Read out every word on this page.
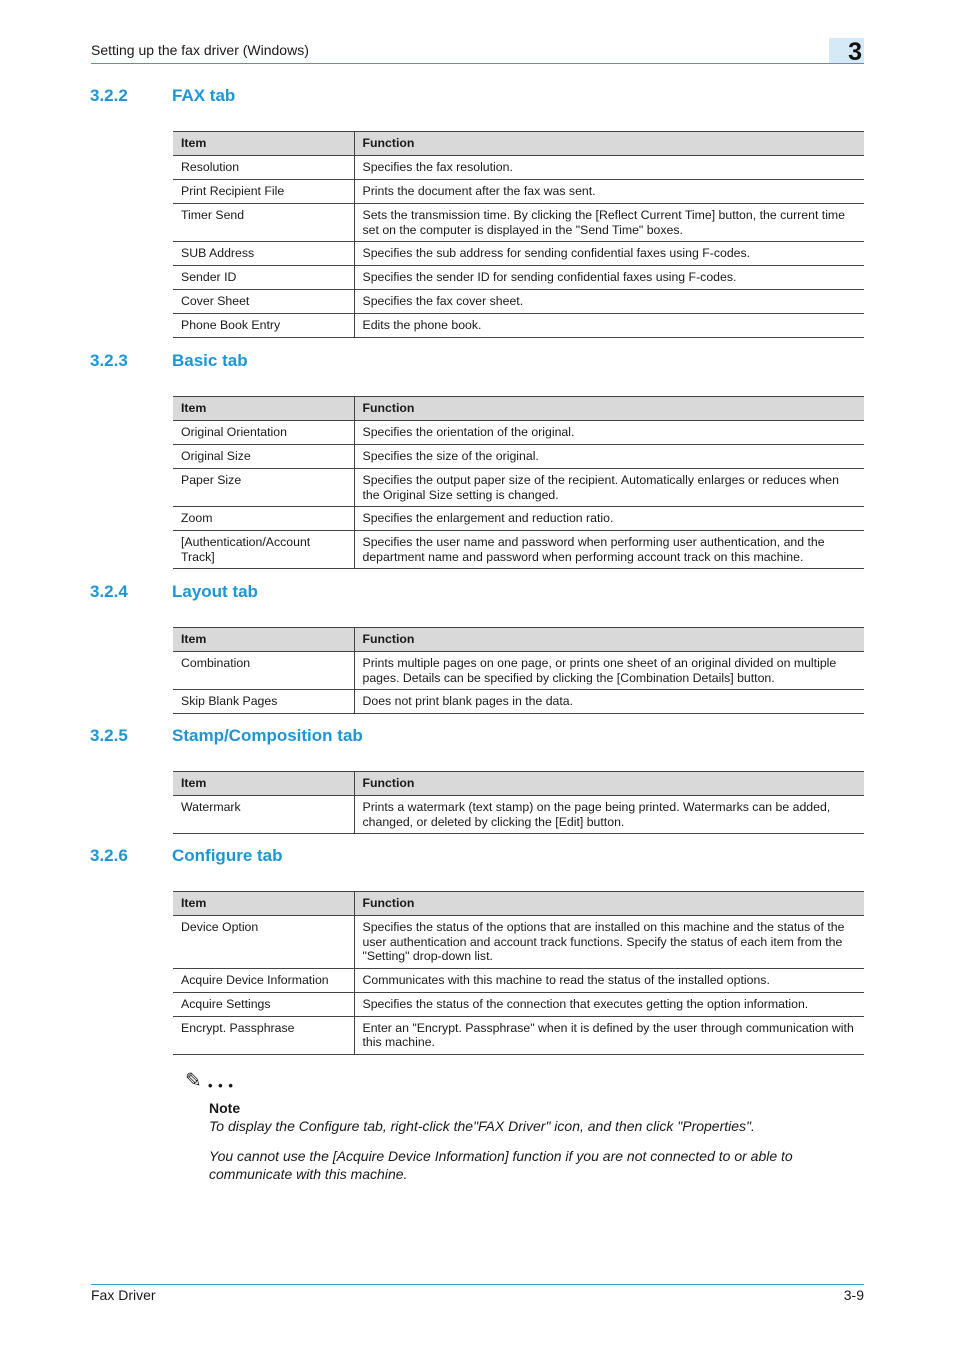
Setting up the fax driver (Windows)	3
3.2.2	FAX tab
Item	Function
Resolution	Specifies the fax resolution.
Print Recipient File	Prints the document after the fax was sent.
Timer Send	Sets the transmission time. By clicking the [Reflect Current Time] button, the current time set on the computer is displayed in the "Send Time" boxes.
SUB Address	Specifies the sub address for sending confidential faxes using F-codes.
Sender ID	Specifies the sender ID for sending confidential faxes using F-codes.
Cover Sheet	Specifies the fax cover sheet.
Phone Book Entry	Edits the phone book.
3.2.3	Basic tab
Item	Function
Original Orientation	Specifies the orientation of the original.
Original Size	Specifies the size of the original.
Paper Size	Specifies the output paper size of the recipient. Automatically enlarges or reduces when the Original Size setting is changed.
Zoom	Specifies the enlargement and reduction ratio.
[Authentication/Account Track]	Specifies the user name and password when performing user authentication, and the department name and password when performing account track on this machine.
3.2.4	Layout tab
Item	Function
Combination	Prints multiple pages on one page, or prints one sheet of an original divided on multiple pages. Details can be specified by clicking the [Combination Details] button.
Skip Blank Pages	Does not print blank pages in the data.
3.2.5	Stamp/Composition tab
Item	Function
Watermark	Prints a watermark (text stamp) on the page being printed. Watermarks can be added, changed, or deleted by clicking the [Edit] button.
3.2.6	Configure tab
Item	Function
Device Option	Specifies the status of the options that are installed on this machine and the status of the user authentication and account track functions. Specify the status of each item from the "Setting" drop-down list.
Acquire Device Information	Communicates with this machine to read the status of the installed options.
Acquire Settings	Specifies the status of the connection that executes getting the option information.
Encrypt. Passphrase	Enter an "Encrypt. Passphrase" when it is defined by the user through communication with this machine.
✎ • • •
Note
To display the Configure tab, right-click the"FAX Driver" icon, and then click "Properties".
You cannot use the [Acquire Device Information] function if you are not connected to or able to communicate with this machine.
Fax Driver	3-9
